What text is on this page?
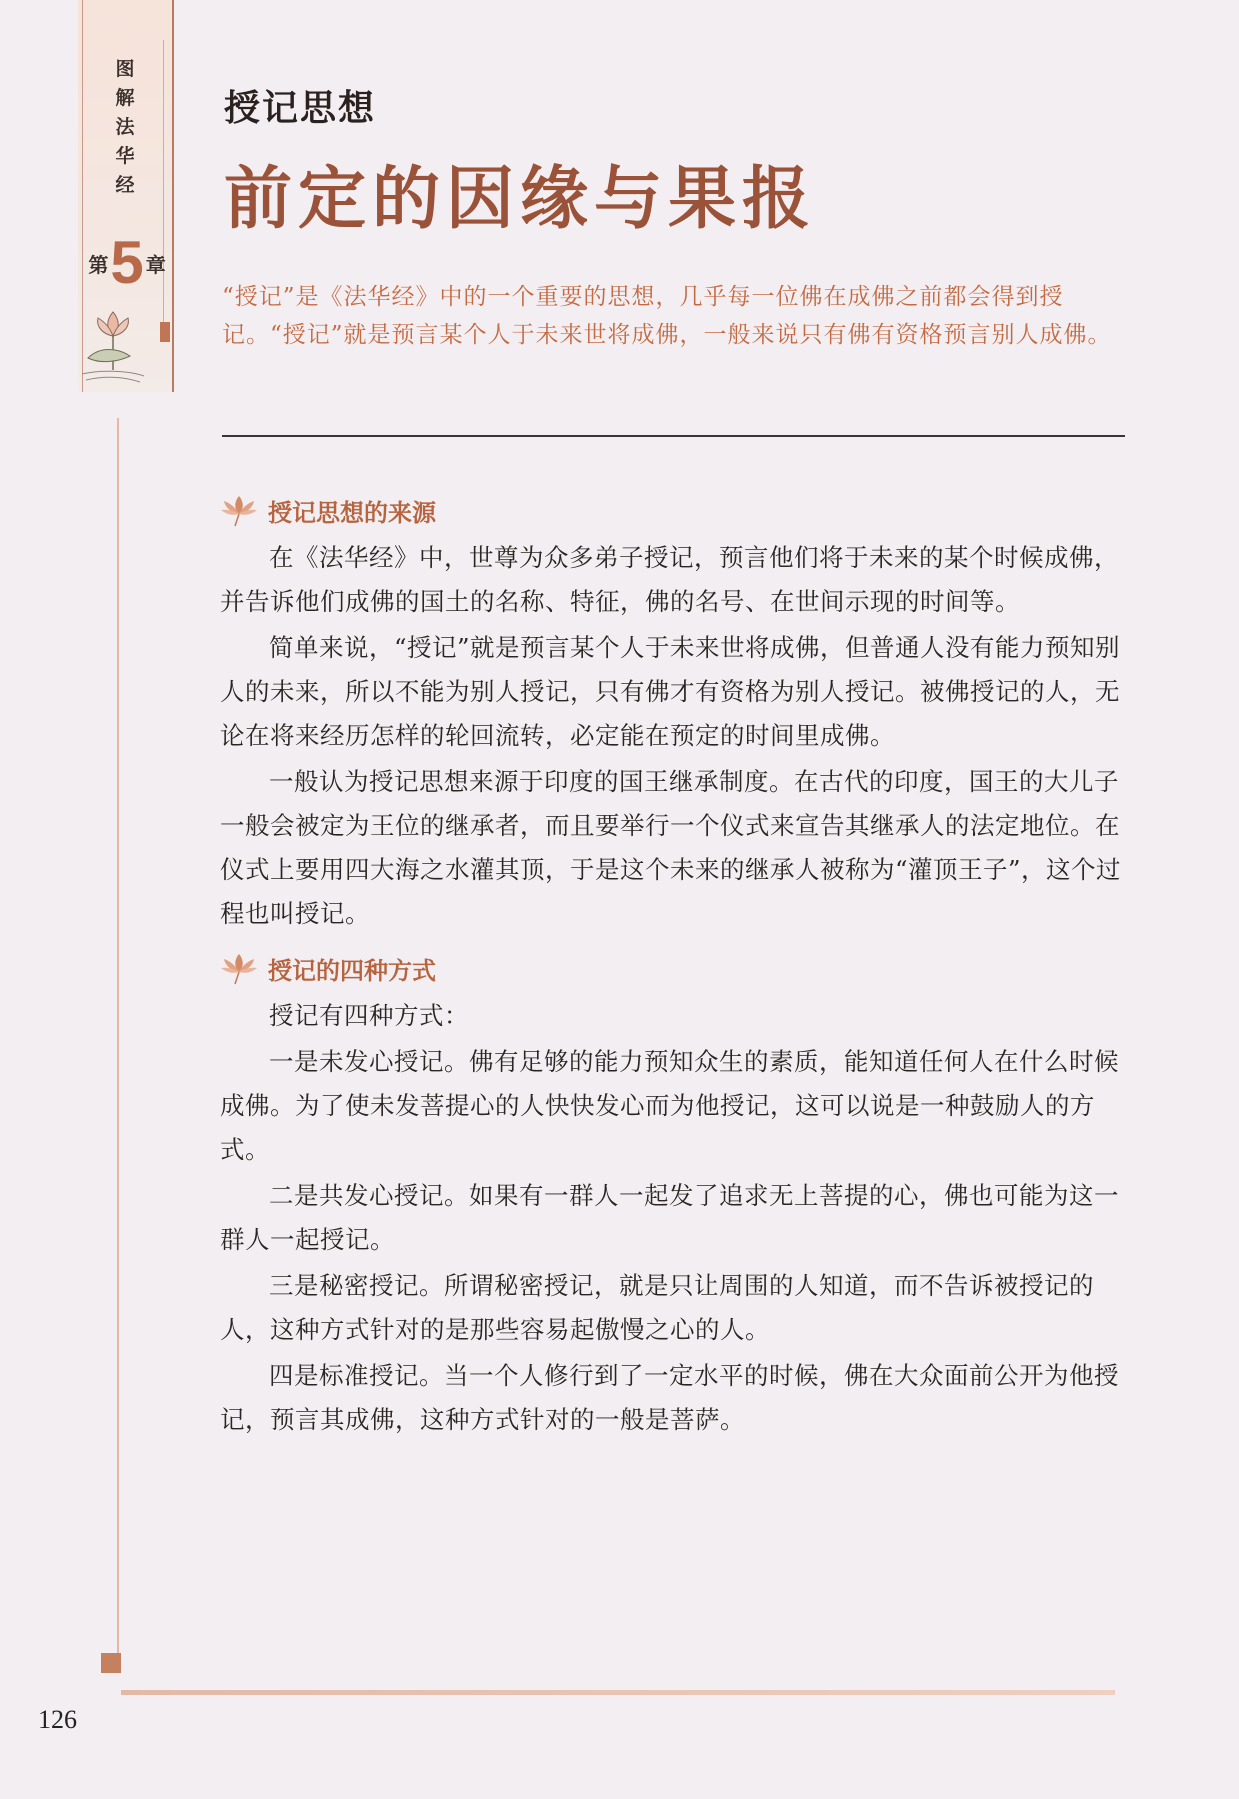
图
解
法
华
经
第 5 章
126
授记思想
前定的因缘与果报
“授记”是《法华经》中的一个重要的思想，几乎每一位佛在成佛之前都会得到授记。“授记”就是预言某个人于未来世将成佛，一般来说只有佛有资格预言别人成佛。
授记思想的来源

在《法华经》中，世尊为众多弟子授记，预言他们将于未来的某个时候成佛，并告诉他们成佛的国土的名称、特征，佛的名号、在世间示现的时间等。

简单来说，“授记”就是预言某个人于未来世将成佛，但普通人没有能力预知别人的未来，所以不能为别人授记，只有佛才有资格为别人授记。被佛授记的人，无论在将来经历怎样的轮回流转，必定能在预定的时间里成佛。

一般认为授记思想来源于印度的国王继承制度。在古代的印度，国王的大儿子一般会被定为王位的继承者，而且要举行一个仪式来宣告其继承人的法定地位。在仪式上要用四大海之水灌其顶，于是这个未来的继承人被称为“灌顶王子”，这个过程也叫授记。

授记的四种方式

授记有四种方式：

一是未发心授记。佛有足够的能力预知众生的素质，能知道任何人在什么时候成佛。为了使未发菩提心的人快快发心而为他授记，这可以说是一种鼓励人的方式。

二是共发心授记。如果有一群人一起发了追求无上菩提的心，佛也可能为这一群人一起授记。

三是秘密授记。所谓秘密授记，就是只让周围的人知道，而不告诉被授记的人，这种方式针对的是那些容易起傲慢之心的人。

四是标准授记。当一个人修行到了一定水平的时候，佛在大众面前公开为他授记，预言其成佛，这种方式针对的一般是菩萨。
